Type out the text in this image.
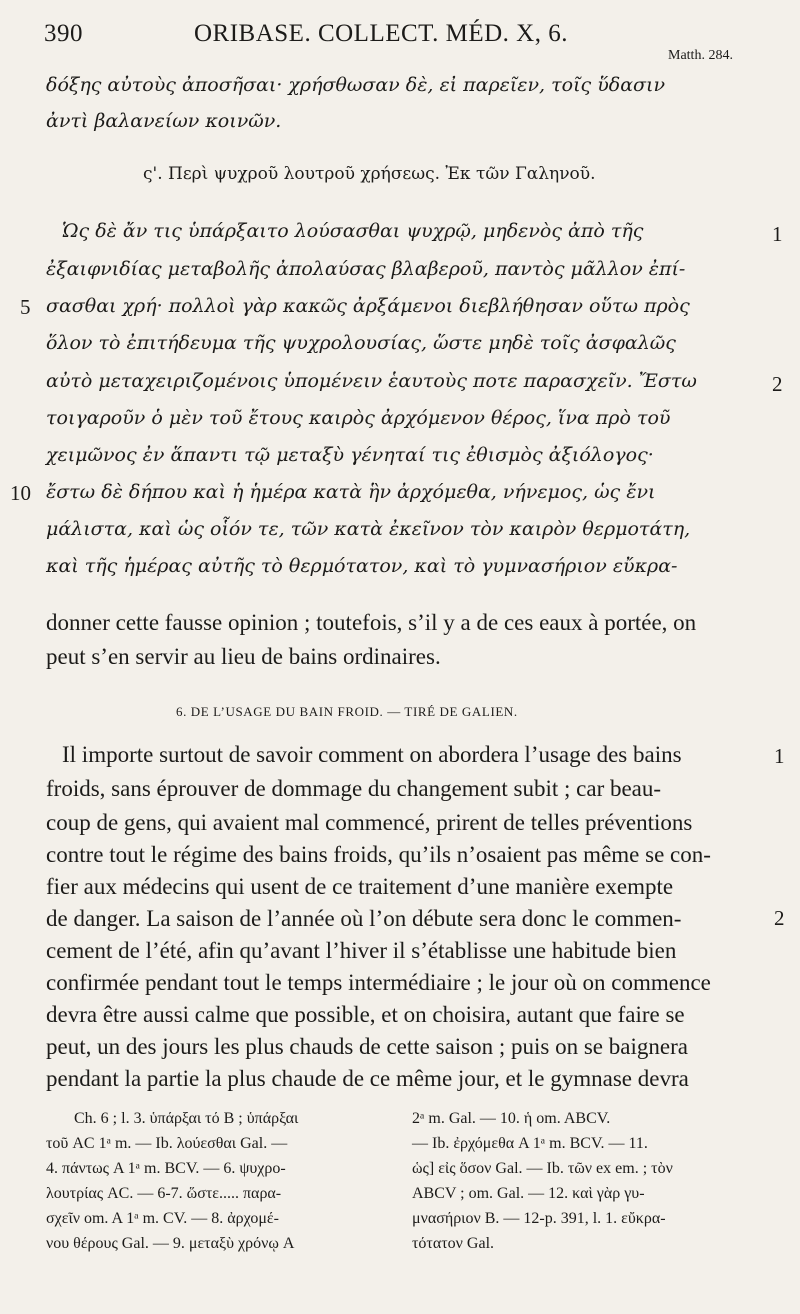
390	ORIBASE. COLLECT. MÉD. X, 6.
Matth. 284.
δόξης αὐτοὺς ἀποσῆσαι· χρήσθωσαν δὲ, εἰ παρεῖεν, τοῖς ὕδασιν
ἀντὶ βαλανείων κοινῶν.
ς'. Περὶ ψυχροῦ λουτροῦ χρήσεως. Ἐκ τῶν Γαληνοῦ.
Ὡς δὲ ἄν τις ὑπάρξαιτο λούσασθαι ψυχρῷ, μηδενὸς ἀπὸ τῆς
ἐξαιφνιδίας μεταβολῆς ἀπολαύσας βλαβεροῦ, παντὸς μᾶλλον ἐπί-
σασθαι χρή· πολλοὶ γὰρ κακῶς ἀρξάμενοι διεβλήθησαν οὕτω πρὸς
ὅλον τὸ ἐπιτήδευμα τῆς ψυχρολουσίας, ὥστε μηδὲ τοῖς ἀσφαλῶς
αὐτὸ μεταχειριζομένοις ὑπομένειν ἑαυτοὺς ποτε παρασχεῖν. Ἔστω
τοιγαροῦν ὁ μὲν τοῦ ἔτους καιρὸς ἀρχόμενον θέρος, ἵνα πρὸ τοῦ
χειμῶνος ἐν ἅπαντι τῷ μεταξὺ γένηταί τις ἐθισμὸς ἀξιόλογος·
ἔστω δὲ δήπου καὶ ἡ ἡμέρα κατὰ ἣν ἀρχόμεθα, νήνεμος, ὡς ἔνι
μάλιστα, καὶ ὡς οἷόν τε, τῶν κατὰ ἐκεῖνον τὸν καιρὸν θερμοτάτη,
καὶ τῆς ἡμέρας αὐτῆς τὸ θερμότατον, καὶ τὸ γυμνασήριον εὔκρα-
5
10
1
2
donner cette fausse opinion ; toutefois, s’il y a de ces eaux à portée, on
peut s’en servir au lieu de bains ordinaires.
6. DE L’USAGE DU BAIN FROID. — TIRÉ DE GALIEN.
Il importe surtout de savoir comment on abordera l’usage des bains
froids, sans éprouver de dommage du changement subit ; car beau-
coup de gens, qui avaient mal commencé, prirent de telles préventions
contre tout le régime des bains froids, qu’ils n’osaient pas même se con-
fier aux médecins qui usent de ce traitement d’une manière exempte
de danger. La saison de l’année où l’on débute sera donc le commen-
cement de l’été, afin qu’avant l’hiver il s’établisse une habitude bien
confirmée pendant tout le temps intermédiaire ; le jour où on commence
devra être aussi calme que possible, et on choisira, autant que faire se
peut, un des jours les plus chauds de cette saison ; puis on se baignera
pendant la partie la plus chaude de ce même jour, et le gymnase devra
1
2
Ch. 6 ; l. 3. ὑπάρξαι τό B ; ὑπάρξαι
τοῦ AC 1ᵃ m. — Ib. λούεσθαι Gal. —
4. πάντως A 1ᵃ m. BCV. — 6. ψυχρο-
λουτρίας AC. — 6-7. ὥστε..... παρα-
σχεῖν om. A 1ᵃ m. CV. — 8. ἀρχομέ-
νου θέρους Gal. — 9. μεταξὺ χρόνῳ A
2ᵃ m. Gal. — 10. ἡ om. ABCV.
— Ib. ἐρχόμεθα A 1ᵃ m. BCV. — 11.
ὡς] εἰς ὅσον Gal. — Ib. τῶν ex em. ; τὸν
ABCV ; om. Gal. — 12. καὶ γὰρ γυ-
μνασήριον B. — 12-p. 391, l. 1. εὔκρα-
τότατον Gal.
